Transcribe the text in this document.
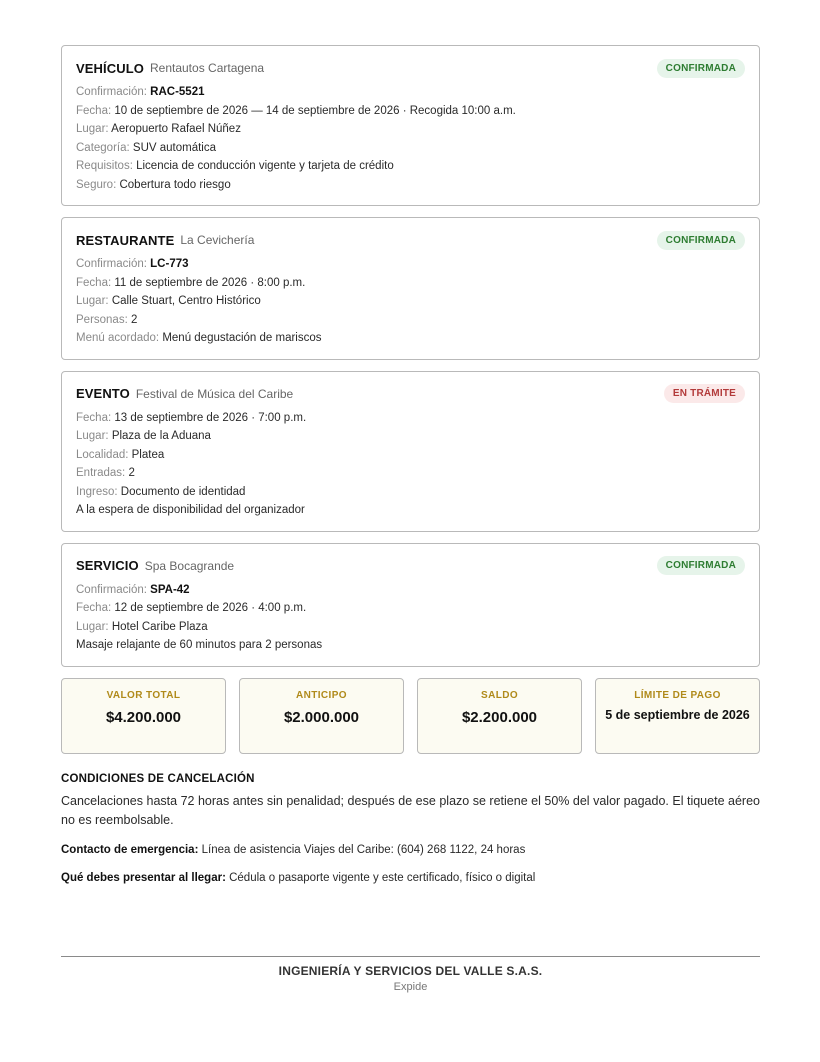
VEHÍCULO Rentautos Cartagena	CONFIRMADA
Confirmación: RAC-5521
Fecha: 10 de septiembre de 2026 — 14 de septiembre de 2026 · Recogida 10:00 a.m.
Lugar: Aeropuerto Rafael Núñez
Categoría: SUV automática
Requisitos: Licencia de conducción vigente y tarjeta de crédito
Seguro: Cobertura todo riesgo
RESTAURANTE La Cevichería	CONFIRMADA
Confirmación: LC-773
Fecha: 11 de septiembre de 2026 · 8:00 p.m.
Lugar: Calle Stuart, Centro Histórico
Personas: 2
Menú acordado: Menú degustación de mariscos
EVENTO Festival de Música del Caribe	EN TRÁMITE
Fecha: 13 de septiembre de 2026 · 7:00 p.m.
Lugar: Plaza de la Aduana
Localidad: Platea
Entradas: 2
Ingreso: Documento de identidad
A la espera de disponibilidad del organizador
SERVICIO Spa Bocagrande	CONFIRMADA
Confirmación: SPA-42
Fecha: 12 de septiembre de 2026 · 4:00 p.m.
Lugar: Hotel Caribe Plaza
Masaje relajante de 60 minutos para 2 personas
VALOR TOTAL
$4.200.000
ANTICIPO
$2.000.000
SALDO
$2.200.000
LÍMITE DE PAGO
5 de septiembre de 2026
CONDICIONES DE CANCELACIÓN
Cancelaciones hasta 72 horas antes sin penalidad; después de ese plazo se retiene el 50% del valor pagado. El tiquete aéreo no es reembolsable.
Contacto de emergencia: Línea de asistencia Viajes del Caribe: (604) 268 1122, 24 horas
Qué debes presentar al llegar: Cédula o pasaporte vigente y este certificado, físico o digital
INGENIERÍA Y SERVICIOS DEL VALLE S.A.S.
Expide
